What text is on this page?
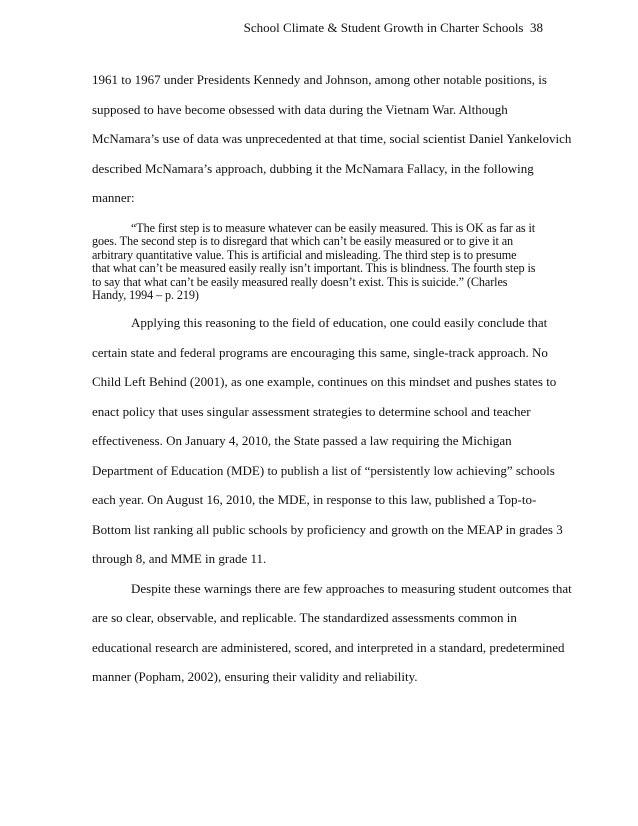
School Climate & Student Growth in Charter Schools 38
1961 to 1967 under Presidents Kennedy and Johnson, among other notable positions, is
supposed to have become obsessed with data during the Vietnam War. Although
McNamara’s use of data was unprecedented at that time, social scientist Daniel Yankelovich
described McNamara’s approach, dubbing it the McNamara Fallacy, in the following
manner:
“The first step is to measure whatever can be easily measured. This is OK as far as it
goes. The second step is to disregard that which can’t be easily measured or to give it an
arbitrary quantitative value. This is artificial and misleading. The third step is to presume
that what can’t be measured easily really isn’t important. This is blindness. The fourth step is
to say that what can’t be easily measured really doesn’t exist. This is suicide.” (Charles
Handy, 1994 – p. 219)
Applying this reasoning to the field of education, one could easily conclude that
certain state and federal programs are encouraging this same, single-track approach. No
Child Left Behind (2001), as one example, continues on this mindset and pushes states to
enact policy that uses singular assessment strategies to determine school and teacher
effectiveness. On January 4, 2010, the State passed a law requiring the Michigan
Department of Education (MDE) to publish a list of “persistently low achieving” schools
each year. On August 16, 2010, the MDE, in response to this law, published a Top-to-
Bottom list ranking all public schools by proficiency and growth on the MEAP in grades 3
through 8, and MME in grade 11.
Despite these warnings there are few approaches to measuring student outcomes that
are so clear, observable, and replicable. The standardized assessments common in
educational research are administered, scored, and interpreted in a standard, predetermined
manner (Popham, 2002), ensuring their validity and reliability.
